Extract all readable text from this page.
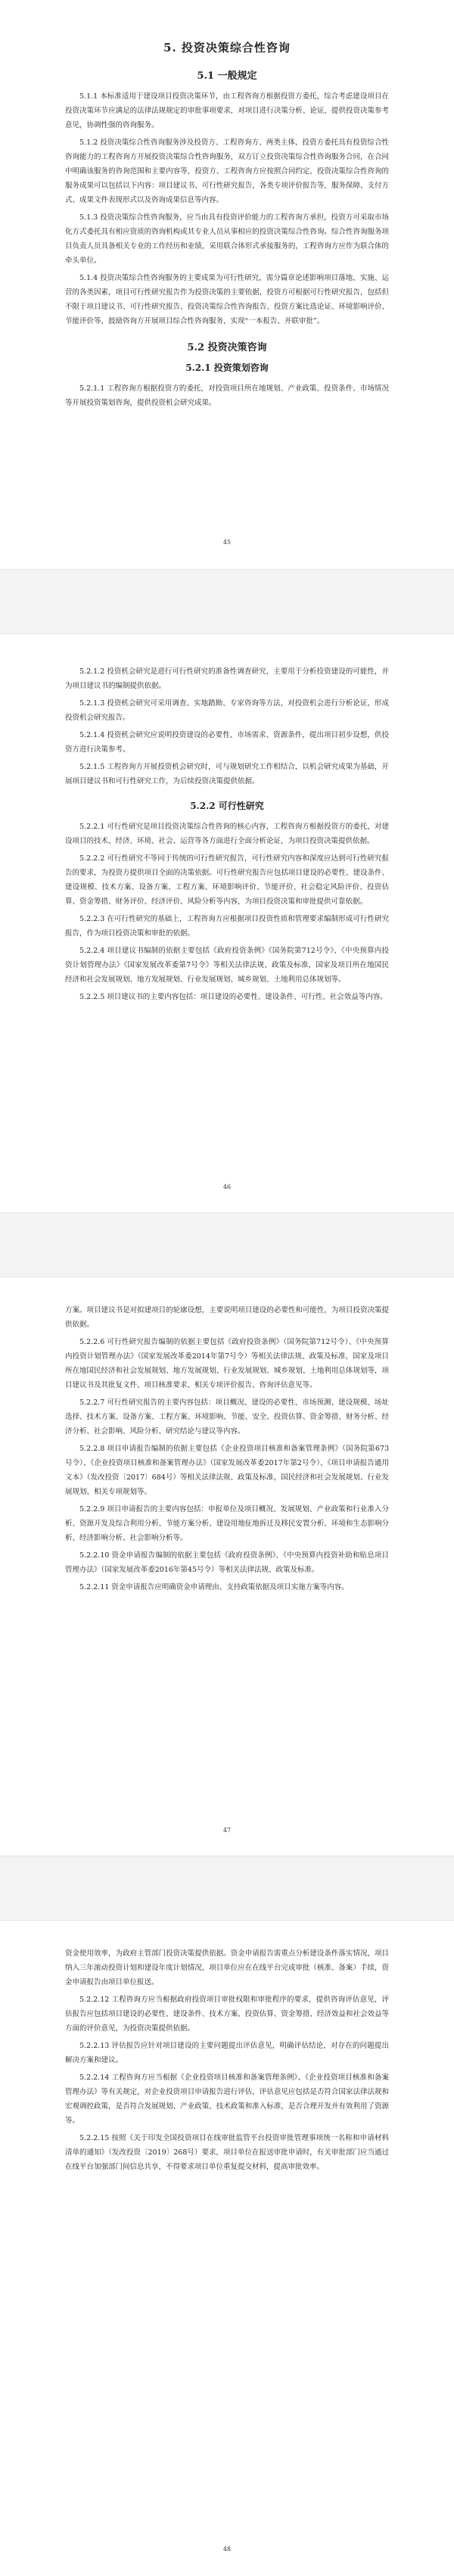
5. 投资决策综合性咨询
5.1 一般规定

5.1.1 本标准适用于建设项目投资决策环节，由工程咨询方根据投资方委托，综合考虑建设项目在投资决策环节应满足的法律法规规定的审批事项要求，对项目进行决策分析、论证，提供投资决策参考意见，协调性强的咨询服务。

5.1.2 投资决策综合性咨询服务涉及投资方、工程咨询方、两类主体，投资方委托具有投资综合性咨询能力的工程咨询方开展投资决策综合性咨询服务，双方订立投资决策综合性咨询服务合同，在合同中明确该服务的咨询范围和主要内容等，投资方、工程咨询方应按照合同约定，投资决策综合性咨询的服务成果可以包括以下内容：项目建议书、可行性研究报告，各类专项评价报告等，服务保障、支付方式、成果文件表现形式以及咨询成果信息等内容。

5.1.3 投资决策综合性咨询服务，应当由具有投资评价能力的工程咨询方承担，投资方可采取市场化方式委托具有相应资质的咨询机构或其专业人员从事相应的投资决策综合性咨询。综合性咨询服务项目负责人员具备相关专业的工作经历和业绩，采用联合体形式承接服务的，工程咨询方应作为联合体的牵头单位。

5.1.4 投资决策综合性咨询服务的主要成果为可行性研究，需分篇章论述影响项目落地、实施、运营的各类因素，项目可行性研究报告作为投资决策的主要依据，投资方可根据可行性研究报告，包括但不限于项目建议书、可行性研究报告、投资决策综合性咨询报告、投资方案比选论证、环境影响评价、节能评价等，鼓励咨询方开展项目综合性咨询服务，实现“一本报告、并联审批”。

5.2 投资决策咨询
5.2.1 投资策划咨询

5.2.1.1 工程咨询方根据投资方的委托，对投资项目所在地规划、产业政策、投资条件、市场情况等开展投资策划咨询，提供投资机会研究成果。

45

5.2.1.2 投资机会研究是进行可行性研究的准备性调查研究，主要用于分析投资建设的可能性，并为项目建议书的编制提供依据。

5.2.1.3 投资机会研究可采用调查、实地踏勘、专家咨询等方法，对投资机会进行分析论证，形成投资机会研究报告。

5.2.1.4 投资机会研究应说明投资建设的必要性、市场需求、资源条件，提出项目初步设想，供投资方进行决策参考。

5.2.1.5 工程咨询方开展投资机会研究时，可与规划研究工作相结合，以机会研究成果为基础，开展项目建议书和可行性研究工作，为后续投资决策提供依据。

5.2.2 可行性研究

5.2.2.1 可行性研究是项目投资决策综合性咨询的核心内容，工程咨询方根据投资方的委托，对建设项目的技术、经济、环境、社会、运营等各方面进行全面分析论证，为项目投资决策提供依据。

5.2.2.2 可行性研究不等同于传统的可行性研究报告，可行性研究内容和深度应达到可行性研究报告的要求，为投资方提供项目全面的决策依据。可行性研究报告应包括项目建设的必要性、建设条件、建设规模、技术方案、设备方案、工程方案、环境影响评价、节能评价、社会稳定风险评价、投资估算、资金筹措、财务评价、经济评价、风险分析等内容，为项目投资决策和审批提供可靠依据。

5.2.2.3 在可行性研究的基础上，工程咨询方应根据项目投资性质和管理要求编制形成可行性研究报告，作为项目投资决策和审批的依据。

5.2.2.4 项目建议书编制的依据主要包括《政府投资条例》《国务院第712号令》、《中央预算内投资计划管理办法》《国家发展改革委第7号令》等相关法律法规、政策及标准，国家及项目所在地国民经济和社会发展规划、地方发展规划、行业发展规划、城乡规划、土地利用总体规划等。

5.2.2.5 项目建议书的主要内容包括：项目建设的必要性、建设条件、可行性、社会效益等内容。

46

方案。项目建议书是对拟建项目的轮廓设想，主要说明项目建设的必要性和可能性，为项目投资决策提供依据。

5.2.2.6 可行性研究报告编制的依据主要包括《政府投资条例》（国务院第712号令）、《中央预算内投资计划管理办法》（国家发展改革委2014年第7号令）等相关法律法规、政策及标准，国家及项目所在地国民经济和社会发展规划、地方发展规划、行业发展规划、城乡规划、土地利用总体规划等，项目建议书及其批复文件、项目核准要求、相关专项评价报告、咨询评估意见等。

5.2.2.7 可行性研究报告的主要内容包括：项目概况、建设的必要性、市场预测、建设规模、场址选择、技术方案、设备方案、工程方案、环境影响、节能、安全、投资估算、资金筹措、财务分析、经济分析、社会影响、风险分析、研究结论与建议等内容。

5.2.2.8 项目申请报告编制的依据主要包括《企业投资项目核准和备案管理条例》（国务院第673号令）、《企业投资项目核准和备案管理办法》（国家发展改革委2017年第2号令）、《项目申请报告通用文本》（发改投资〔2017〕684号）等相关法律法规、政策及标准，国民经济和社会发展规划、行业发展规划、相关专项规划等。

5.2.2.9 项目申请报告的主要内容包括：申报单位及项目概况、发展规划、产业政策和行业准入分析、资源开发及综合利用分析、节能方案分析、建设用地征地拆迁及移民安置分析、环境和生态影响分析、经济影响分析、社会影响分析等。

5.2.2.10 资金申请报告编制的依据主要包括《政府投资条例》、《中央预算内投资补助和贴息项目管理办法》（国家发展改革委2016年第45号令）等相关法律法规、政策及标准。

5.2.2.11 资金申请报告应明确资金申请理由、支持政策依据及项目实施方案等内容。

47

资金使用效率，为政府主管部门投资决策提供依据。资金申请报告需重点分析建设条件落实情况，项目纳入三年滚动投资计划和建设年度计划情况，项目单位应在在线平台完成审批（核准、备案）手续，资金申请报告由项目单位报送。

5.2.2.12 工程咨询方应当根据政府投资项目审批权限和审批程序的要求，提供咨询评估意见，评估报告应包括项目建设的必要性、建设条件、技术方案、投资估算、资金筹措、经济效益和社会效益等方面的评价意见，为投资决策提供依据。

5.2.2.13 评估报告应针对项目建设的主要问题提出评估意见，明确评估结论，对存在的问题提出解决方案和建议。

5.2.2.14 工程咨询方应当根据《企业投资项目核准和备案管理条例》、《企业投资项目核准和备案管理办法》等有关规定，对企业投资项目申请报告进行评估，评估意见应包括是否符合国家法律法规和宏观调控政策，是否符合发展规划、产业政策、技术政策和准入标准，是否合理开发并有效利用了资源等。

5.2.2.15 按照《关于印发全国投资项目在线审批监管平台投资审批管理事项统一名称和申请材料清单的通知》（发改投资〔2019〕268号）要求，项目单位在报送审批申请时，有关审批部门应当通过在线平台加强部门间信息共享，不得要求项目单位重复提交材料，提高审批效率。

48
